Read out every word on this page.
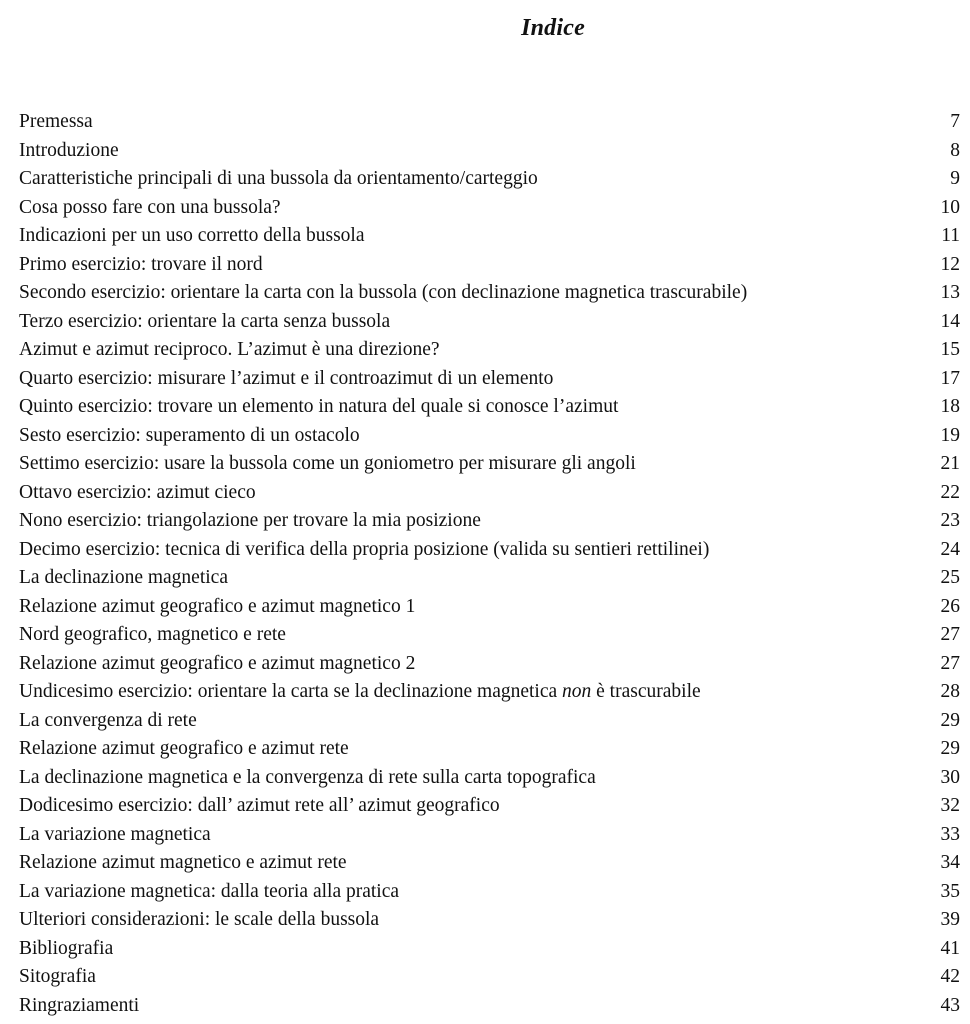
Indice
Premessa	7
Introduzione	8
Caratteristiche principali di una bussola da orientamento/carteggio	9
Cosa posso fare con una bussola?	10
Indicazioni per un uso corretto della bussola	11
Primo esercizio: trovare il nord	12
Secondo esercizio: orientare la carta con la bussola (con declinazione magnetica trascurabile)	13
Terzo esercizio: orientare la carta senza bussola	14
Azimut e azimut reciproco. L’azimut è una direzione?	15
Quarto esercizio: misurare l’azimut e il controazimut di un elemento	17
Quinto esercizio: trovare un elemento in natura del quale si conosce l’azimut	18
Sesto esercizio: superamento di un ostacolo	19
Settimo esercizio: usare la bussola come un goniometro per misurare gli angoli	21
Ottavo esercizio: azimut cieco	22
Nono esercizio: triangolazione per trovare la mia posizione	23
Decimo esercizio: tecnica di verifica della propria posizione (valida su sentieri rettilinei)	24
La declinazione magnetica	25
Relazione azimut geografico e azimut magnetico 1	26
Nord geografico, magnetico e rete	27
Relazione azimut geografico e azimut magnetico 2	27
Undicesimo esercizio: orientare la carta se la declinazione magnetica non è trascurabile	28
La convergenza di rete	29
Relazione azimut geografico e azimut rete	29
La declinazione magnetica e la convergenza di rete sulla carta topografica	30
Dodicesimo esercizio: dall’ azimut rete all’ azimut geografico	32
La variazione magnetica	33
Relazione azimut magnetico e azimut rete	34
La variazione magnetica: dalla teoria alla pratica	35
Ulteriori considerazioni: le scale della bussola	39
Bibliografia	41
Sitografia	42
Ringraziamenti	43
